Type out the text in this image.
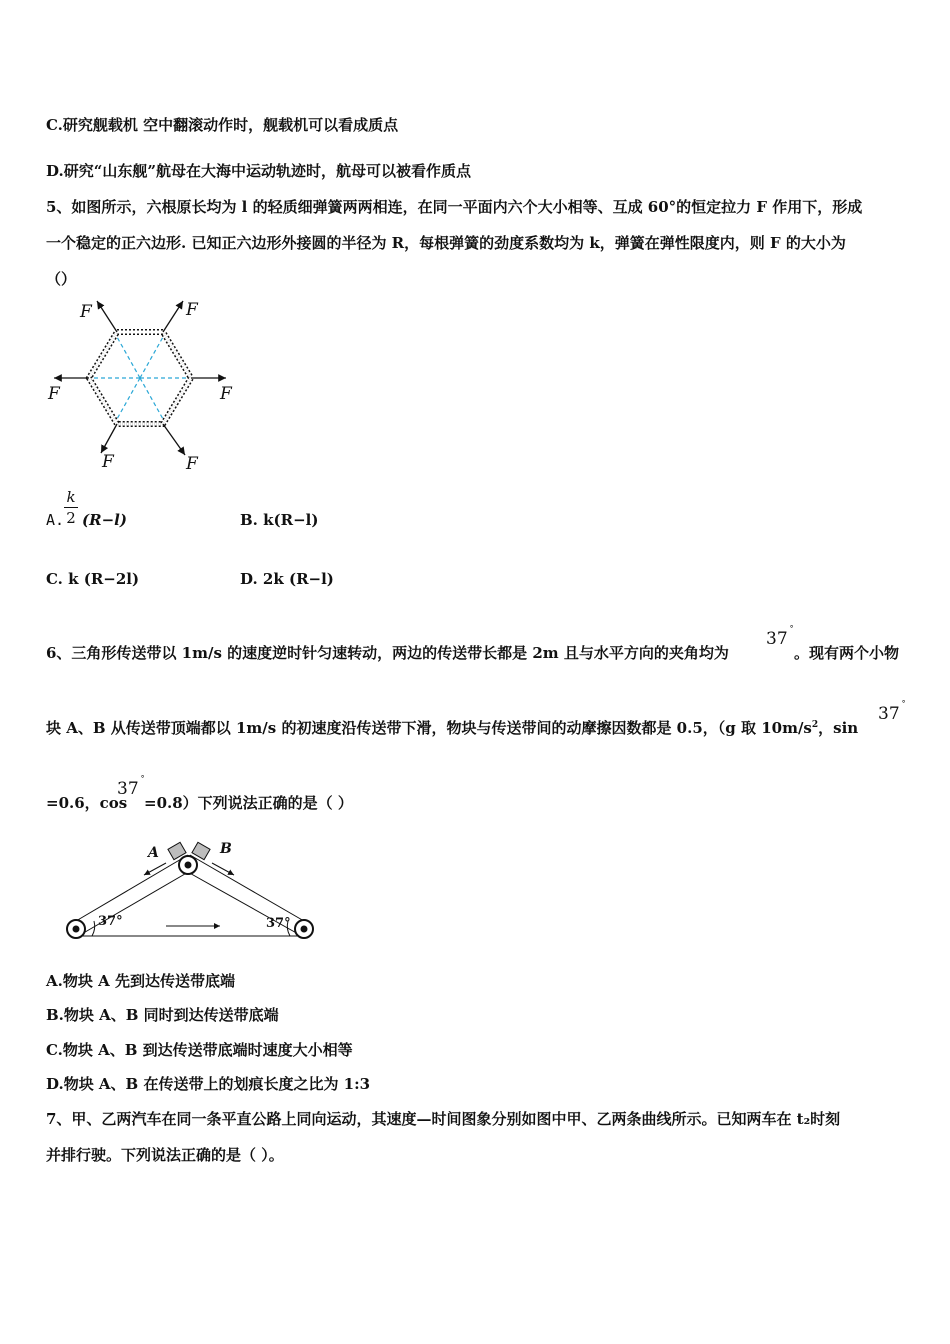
C.研究舰载机 空中翻滚动作时，舰载机可以看成质点
D.研究“山东舰”航母在大海中运动轨迹时，航母可以被看作质点
5、如图所示，六根原长均为 l 的轻质细弹簧两两相连，在同一平面内六个大小相等、互成 60°的恒定拉力 F 作用下，形成
一个稳定的正六边形. 已知正六边形外接圆的半径为 R，每根弹簧的劲度系数均为 k，弹簧在弹性限度内，则 F 的大小为
（）
F	F
F	F
F	F
A.
k
2 (R−l)	B. k(R−l)
C. k (R−2l)	D. 2k (R−l)
6、三角形传送带以 1m/s 的速度逆时针匀速转动，两边的传送带长都是 2m 且与水平方向的夹角均为
37
°
。现有两个小物
块 A、B 从传送带顶端都以 1m/s 的初速度沿传送带下滑，物块与传送带间的动摩擦因数都是 0.5，（g 取 $10m/s^2$，sin
37
°
=0.6，cos
37
°
=0.8）下列说法正确的是（ ）
A	B
37°	37°
A.物块 A 先到达传送带底端
B.物块 A、B 同时到达传送带底端
C.物块 A、B 到达传送带底端时速度大小相等
D.物块 A、B 在传送带上的划痕长度之比为 1:3
7、甲、乙两汽车在同一条平直公路上同向运动，其速度—时间图象分别如图中甲、乙两条曲线所示。已知两车在 t₂时刻
并排行驶。下列说法正确的是（ ）。
